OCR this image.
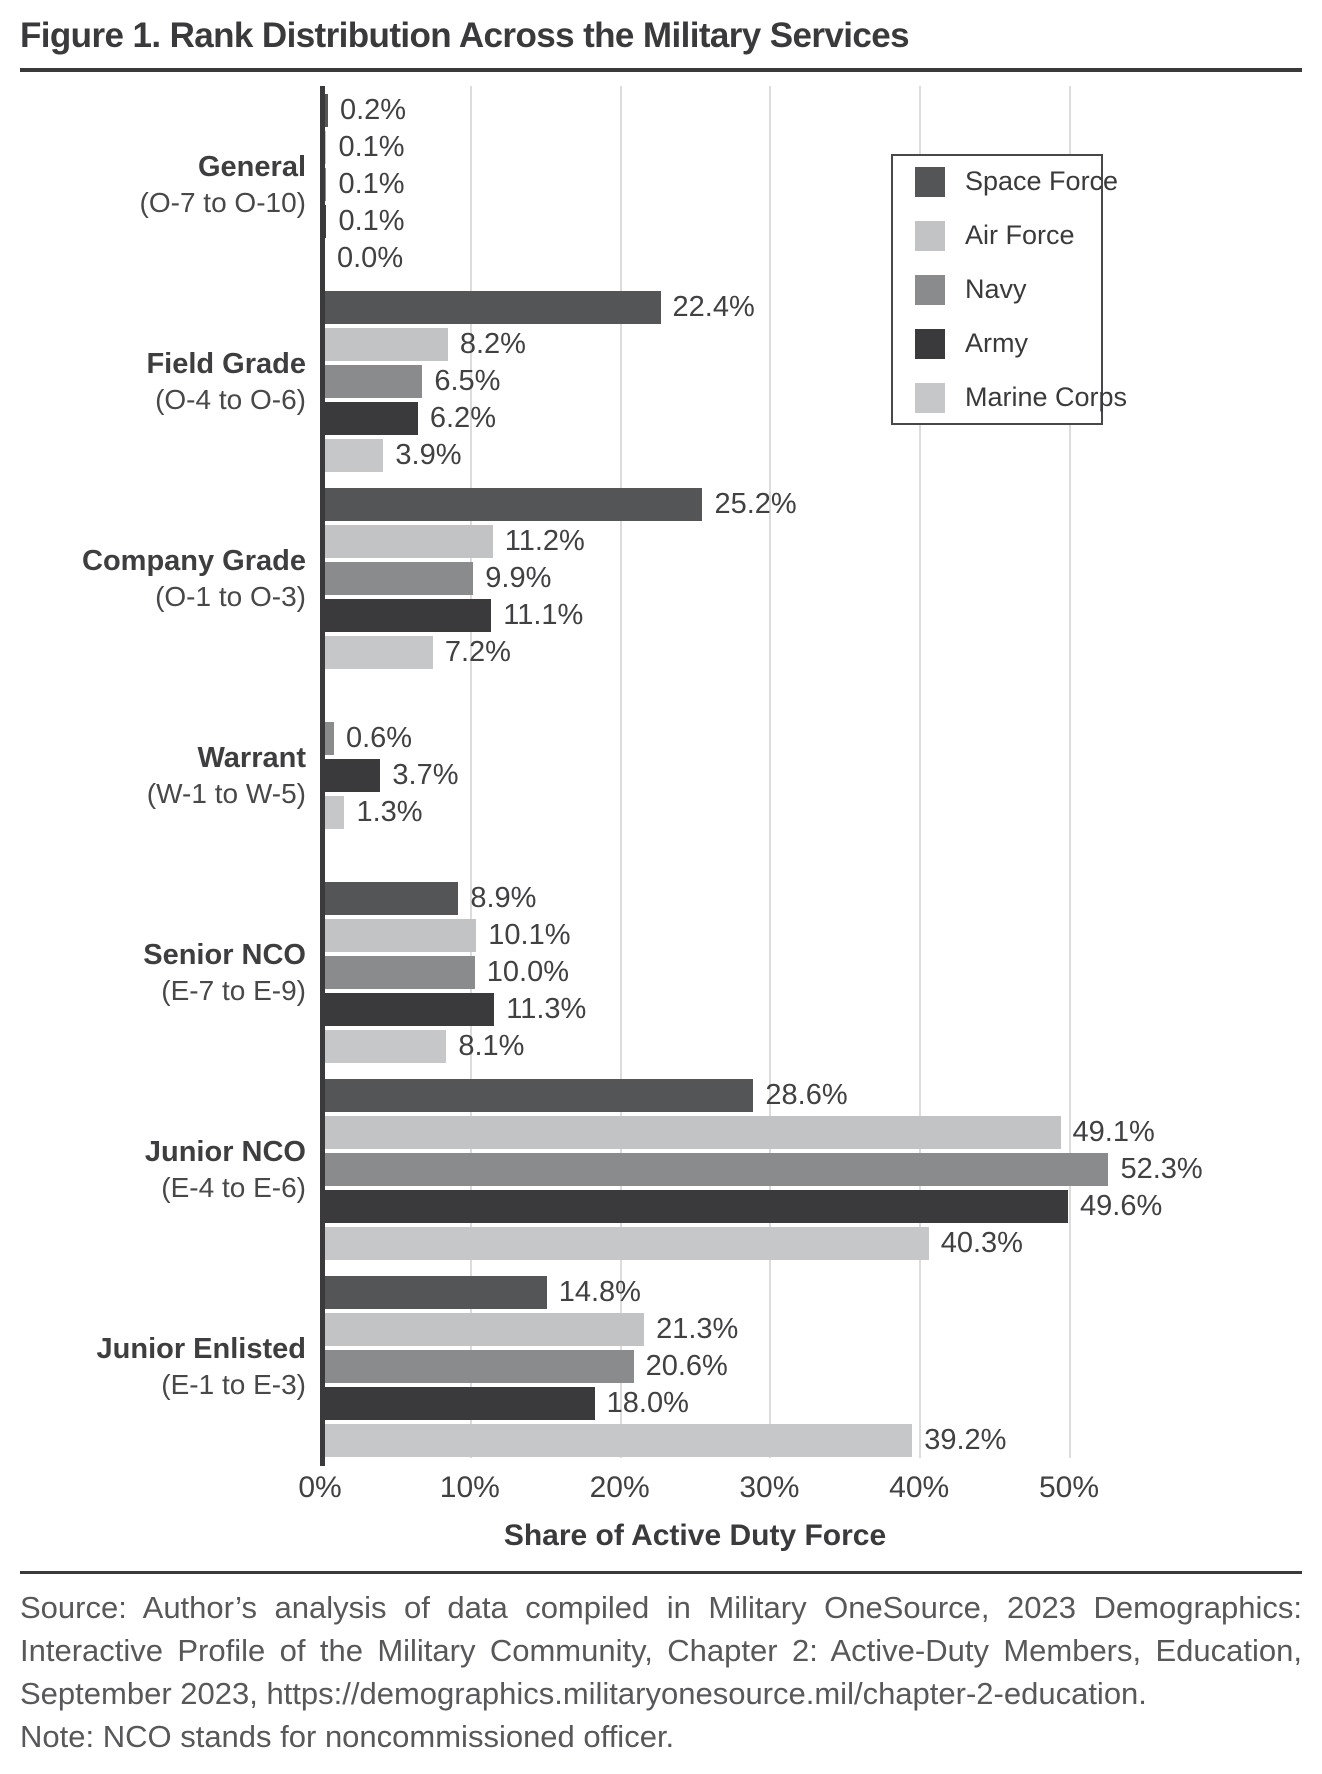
Figure 1. Rank Distribution Across the Military Services
General
(O-7 to O-10)
0.2%
0.1%
0.1%
0.1%
0.0%
Field Grade
(O-4 to O-6)
22.4%
8.2%
6.5%
6.2%
3.9%
Company Grade
(O-1 to O-3)
25.2%
11.2%
9.9%
11.1%
7.2%
Warrant
(W-1 to W-5)
0.6%
3.7%
1.3%
Senior NCO
(E-7 to E-9)
8.9%
10.1%
10.0%
11.3%
8.1%
Junior NCO
(E-4 to E-6)
28.6%
49.1%
52.3%
49.6%
40.3%
Junior Enlisted
(E-1 to E-3)
14.8%
21.3%
20.6%
18.0%
39.2%
Space Force
Air Force
Navy
Army
Marine Corps
0%	10%	20%	30%	40%	50%
Share of Active Duty Force

Source: Author’s analysis of data compiled in Military OneSource, 2023 Demographics: Interactive Profile of the Military Community, Chapter 2: Active-Duty Members, Education, September 2023, https://demographics.militaryonesource.mil/chapter-2-education.

Note: NCO stands for noncommissioned officer.
